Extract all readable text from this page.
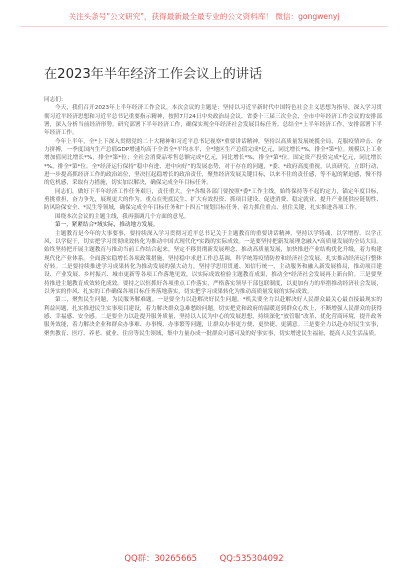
关注头条号"公文研究"，获得最新最全最专业的公文资料库！ 微信：gongwenyj
在2023年半年经济工作会议上的讲话

同志们：

今天，我们召开2023年上半年经济工作会议，本次会议的主题是：坚持以习近平新时代中国特色社会主义思想为指导，深入学习贯彻习近平经济思想和习近平总书记重要指示精神，按照7月24日中央政治局会议、省委十三届三次全会、全市中年经济工作会议的安排部署，深入分析当前经济形势，研究部署下半年经济工作，确保实现全年经济社会发展目标任务。总结全*上半年经济工作，安排部署下半年经济工作。

今年上半年，全*上下深入贯彻党的二十大精神和习近平总书记视察*重要讲话精神，坚持以高质量发展统揽全局，克服疫情冲击、奋力拼搏，一季度国内生产总值GDP增速均高于全省全*平均水平，全*地区生产总值完成*亿元，同比增长*%，排全*第*位。规模以上工业增加值同比增长*%，排全*第*位；全社会消费品零售总额完成*亿元，同比增长*%，排全*第*位。固定资产投资完成*亿元，同比增长*%，排全*第*位。全*经济运行保持“稳中有进、进中向好”的发展态势，对于存在的问题，*委、*政府高度重视，认真研究，立即行动，进一步提高抓经济工作的政治站位，坚决扛起稳增长的政治责任，聚焦经济发展关键目标，以来不住的责任感，等不起的紧迫感，慢不得的危机感，采取有力措施，切实加以解决，确保完成全年目标任务。

同志们，做好下半年经济工作任务艰巨，责任重大，全*各级各部门要按照*委*工作主线，始终保持等不起的定力，锚定年度目标，勇挑重担，奋力争先，展现更大的作为。重点在兜底民生、扩大有效投资、抓项目建设、促进消费、稳定就业、提升产业链供应链韧性、防风险保安全、*民生等领域，确保完成全年目标任务和“十四五”规划目标任务，着力抓住重点、扭住关键，扎实推进各项工作。

围绕本次会议的主题主线，我再强调几个方面的意见。

第一，紧紧结合*域实际，推动地方发展。

主题教育是今年的大事要事，要持续深入学习贯彻习近平总书记关于主题教育的重要讲话精神，坚持以学铸魂、以学增智、以学正风、以学促干，切实把学习贯彻成效转化为推动中国式现代化*实践的实际成效。一是要坚持把新发展理念融入*高质量发展的全局大局。始终坚持把开展主题教育与推动当前工作结合起来，坚定不移贯彻新发展理念、推动高质量发展，加快推进产业结构优化升级，着力构建现代化产业体系。全面落实稳增长各项政策措施，坚持稳中求进工作总基调，科学统筹疫情防控和经济社会发展，扎实推动经济运行整体好转。二是要持续推进学习成果转化为推动发展的强大动力，坚持学思用贯通、知信行统一，主动服务和融入新发展格局，推动项目建设、产业发展、乡村振兴、城市更新等各项工作落地见效，以实际成效检验主题教育成果，推动全*经济社会发展再上新台阶。三是要坚持推进主题教育成效转化成效。要持之以恒抓好各项重点工作落实，严格落实领导干部包联制度，以更加有力的举措推动经济社会发展，以务实的作风、扎实的工作确保各项目标任务落地落实，切实把学习成果转化为推动高质量发展的实际成效。

第二，聚焦民生问题，为民服务解难题。一是要全力以赴解决好民生问题。*机关要全力以赴解决好人民群众最关心最直接最现实的利益问题，扎实推进民生实事项目建设，着力解决群众急难愁盼问题，切实把党和政府的温暖送到群众心坎上，不断增强人民群众的获得感、幸福感、安全感。二是要全力以赴提升服务质量，坚持以人民为中心的发展思想，持续深化“放管服”改革，优化营商环境，提升政务服务效能，着力解决企业和群众办事难、办事慢、办事繁等问题，让群众办事更方便、更快捷、更满意。三是要全力以赴办好民生实事，聚焦教育、医疗、养老、就业、住房等民生领域，集中力量办成一批群众可感可及的好事实事，切实增进民生福祉，提高人民生活品质。

QQ群：30265665	QQ:535304092
